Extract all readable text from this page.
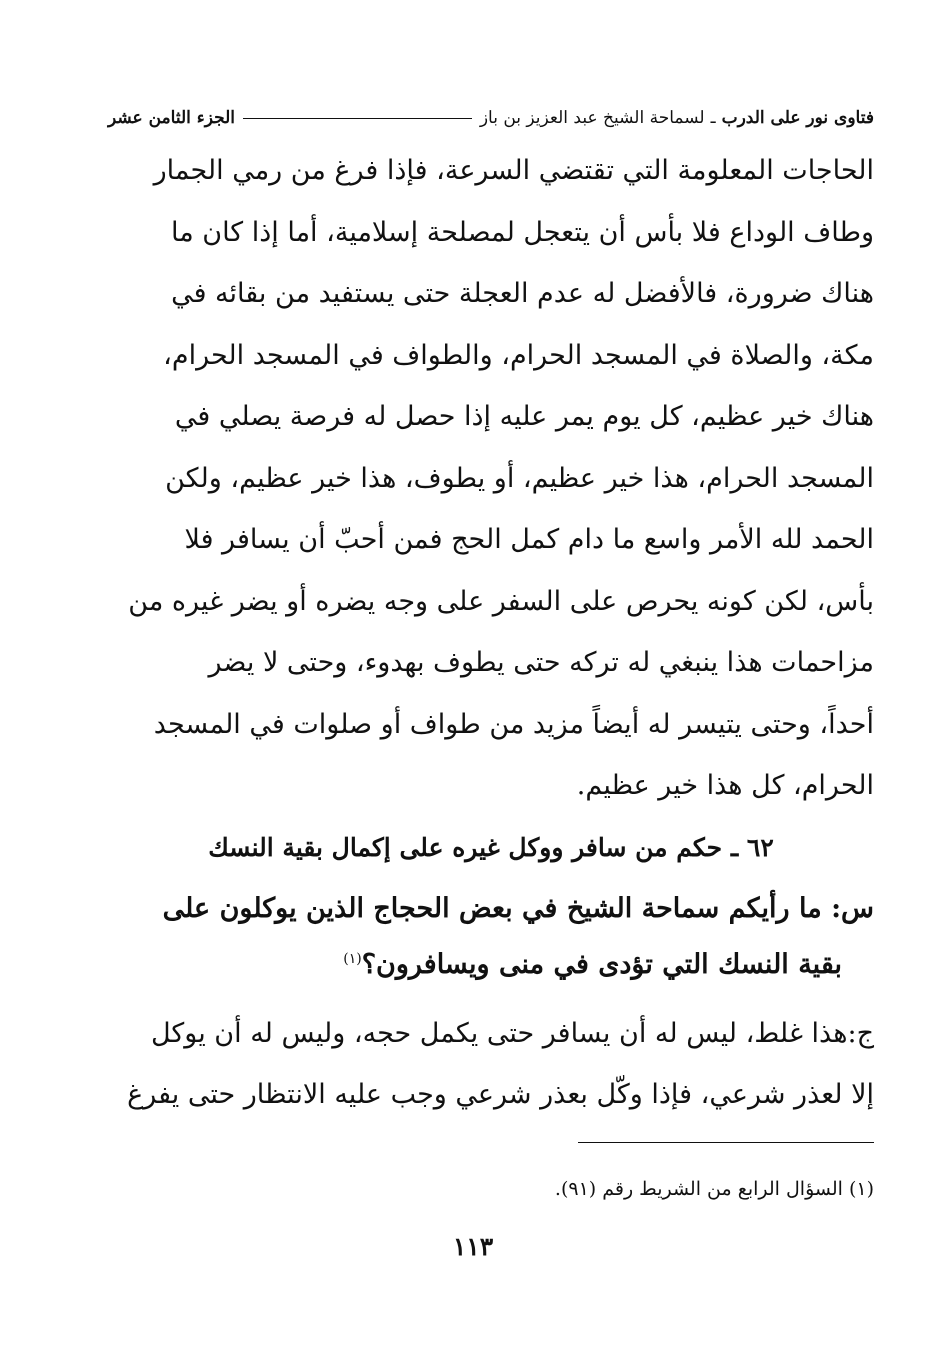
فتاوى نور على الدرب
ـ
لسماحة الشيخ عبد العزيز بن باز
الجزء الثامن عشر

الحاجات المعلومة التي تقتضي السرعة، فإذا فرغ من رمي الجمار

وطاف الوداع فلا بأس أن يتعجل لمصلحة إسلامية، أما إذا كان ما

هناك ضرورة، فالأفضل له عدم العجلة حتى يستفيد من بقائه في

مكة، والصلاة في المسجد الحرام، والطواف في المسجد الحرام،

هناك خير عظيم، كل يوم يمر عليه إذا حصل له فرصة يصلي في

المسجد الحرام، هذا خير عظيم، أو يطوف، هذا خير عظيم، ولكن

الحمد لله الأمر واسع ما دام كمل الحج فمن أحبّ أن يسافر فلا

بأس، لكن كونه يحرص على السفر على وجه يضره أو يضر غيره من

مزاحمات هذا ينبغي له تركه حتى يطوف بهدوء، وحتى لا يضر

أحداً، وحتى يتيسر له أيضاً مزيد من طواف أو صلوات في المسجد

الحرام، كل هذا خير عظيم.

٦٢ ـ حكم من سافر ووكل غيره على إكمال بقية النسك
س: ما رأيكم سماحة الشيخ في بعض الحجاج الذين يوكلون على
بقية النسك التي تؤدى في منى ويسافرون؟$^{(١)}$

ج:هذا غلط، ليس له أن يسافر حتى يكمل حجه، وليس له أن يوكل

إلا لعذر شرعي، فإذا وكّل بعذر شرعي وجب عليه الانتظار حتى يفرغ

(١) السؤال الرابع من الشريط رقم (٩١).
١١٣
